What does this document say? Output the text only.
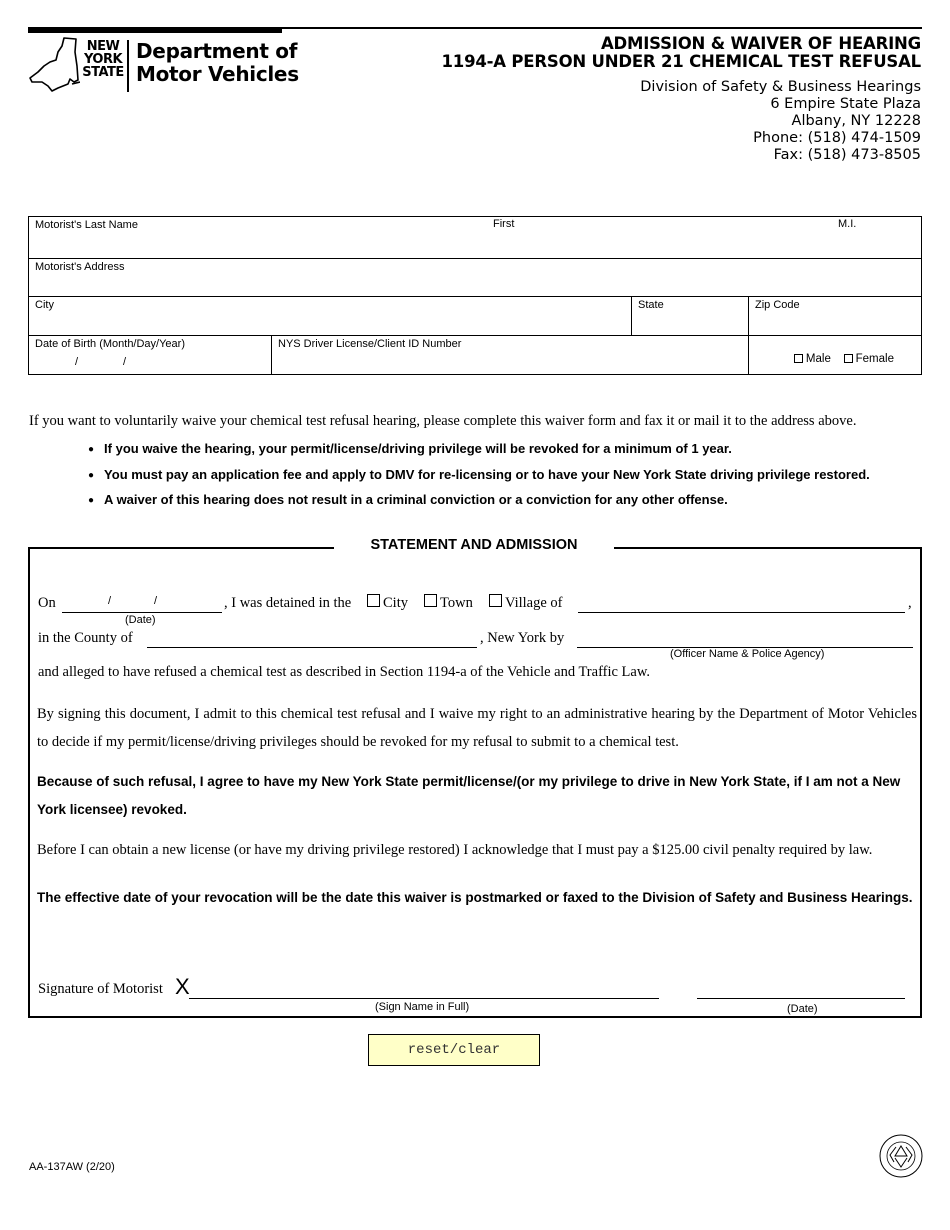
NEW
YORK
STATE
Department of
Motor Vehicles
ADMISSION & WAIVER OF HEARING
1194-A PERSON UNDER 21 CHEMICAL TEST REFUSAL
Division of Safety & Business Hearings
6 Empire State Plaza
Albany, NY 12228
Phone: (518) 474-1509
Fax: (518) 473-8505
Motorist's Last Name	First	M.I.
Motorist's Address
City	State	Zip Code
Date of Birth (Month/Day/Year)
/	/
NYS Driver License/Client ID Number
Male Female
If you want to voluntarily waive your chemical test refusal hearing, please complete this waiver form and fax it or mail it to the address above.
● If you waive the hearing, your permit/license/driving privilege will be revoked for a minimum of 1 year.
● You must pay an application fee and apply to DMV for re-licensing or to have your New York State driving privilege restored.
● A waiver of this hearing does not result in a criminal conviction or a conviction for any other offense.
STATEMENT AND ADMISSION
On	/	/
(Date)
, I was detained in the	City	Town	Village of	,
in the County of	, New York by
(Officer Name & Police Agency)
and alleged to have refused a chemical test as described in Section 1194-a of the Vehicle and Traffic Law.
By signing this document, I admit to this chemical test refusal and I waive my right to an administrative hearing by the Department of Motor Vehicles to decide if my permit/license/driving privileges should be revoked for my refusal to submit to a chemical test.
Because of such refusal, I agree to have my New York State permit/license/(or my privilege to drive in New York State, if I am not a New York licensee) revoked.
Before I can obtain a new license (or have my driving privilege restored) I acknowledge that I must pay a $125.00 civil penalty required by law.
The effective date of your revocation will be the date this waiver is postmarked or faxed to the Division of Safety and Business Hearings.
Signature of Motorist X
(Sign Name in Full)	(Date)
reset/clear
AA-137AW (2/20)
